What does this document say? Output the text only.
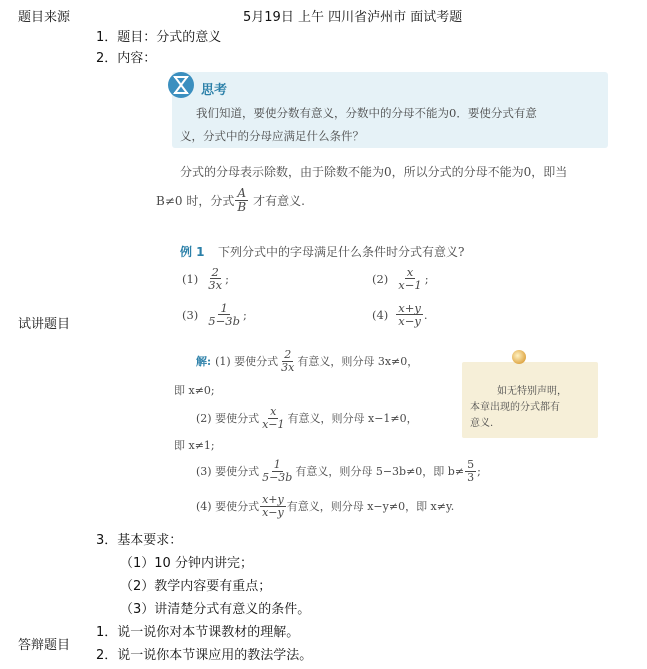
题目来源	5月19日 上午 四川省泸州市 面试考题
1．题目：分式的意义
2．内容：
思考
我们知道，要使分数有意义，分数中的分母不能为0．要使分式有意
义，分式中的分母应满足什么条件？
分式的分母表示除数，由于除数不能为0，所以分式的分母不能为0，即当
B≠0 时，分式 $\frac{A}{B}$ 才有意义.
例 1 下列分式中的字母满足什么条件时分式有意义?
$(1) \frac{2}{3x}$ ;	$(2) \frac{x}{x-1}$ ;
$(3) \frac{1}{5-3b}$ ;	$(4) \frac{x+y}{x-y}$ .
试讲题目
解: (1) 要使分式 $\frac{2}{3x}$ 有意义，则分母 3x≠0，
即 x≠0;
(2) 要使分式 $\frac{x}{x-1}$ 有意义，则分母 x−1≠0，
即 x≠1;
(3) 要使分式 $\frac{1}{5-3b}$ 有意义，则分母 5−3b≠0，即 $b\ne \frac{5}{3}$ ;
(4) 要使分式 $\frac{x+y}{x-y}$ 有意义，则分母 x−y≠0，即 x≠y.
如无特别声明，
本章出现的分式都有
意义.
3．基本要求：
（1）10 分钟内讲完；
（2）教学内容要有重点；
（3）讲清楚分式有意义的条件。
答辩题目
1．说一说你对本节课教材的理解。
2．说一说你本节课应用的教法学法。
